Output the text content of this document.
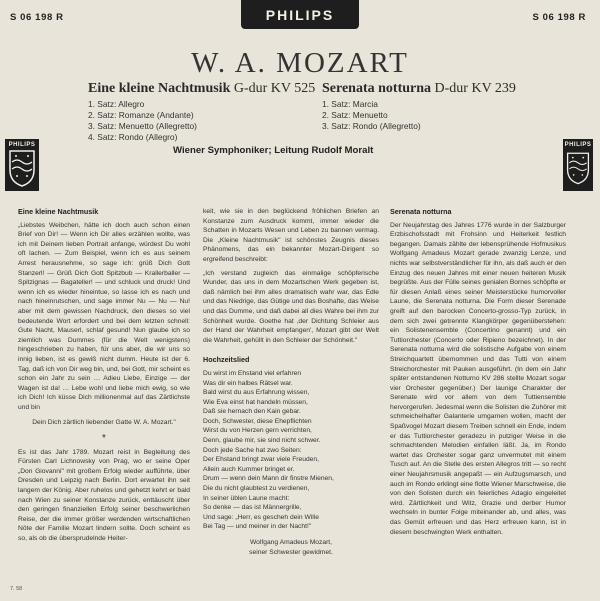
S 06 198 R	PHILIPS	S 06 198 R
W. A. MOZART
Eine kleine Nachtmusik G-dur KV 525
1. Satz: Allegro
2. Satz: Romanze (Andante)
3. Satz: Menuetto (Allegretto)
4. Satz: Rondo (Allegro)
Serenata notturna D-dur KV 239
1. Satz: Marcia
2. Satz: Menuetto
3. Satz: Rondo (Allegretto)
Wiener Symphoniker; Leitung Rudolf Moralt
PHILIPS	PHILIPS
Eine kleine Nachtmusik

„Liebstes Weibchen, hätte ich doch auch schon einen Brief von Dir! — Wenn ich Dir alles erzählen wollte, was ich mit Deinem lieben Portrait anfange, würdest Du wohl oft lachen. — Zum Beispiel, wenn ich es aus seinem Arrest herausnehme, so sage ich: grüß Dich Gott Stanzerl! — Grüß Dich Gott Spitzbub — Krallerballer — Spitzignas — Bagateller! — und schluck und druck! Und wenn ich es wieder hineintue, so lasse ich es nach und nach hineinrutschen, und sage immer Nu — Nu — Nu! aber mit dem gewissen Nachdruck, den dieses so viel bedeutende Wort erfordert und bei dem letzten schnell: Gute Nacht, Mauserl, schlaf gesund! Nun glaube ich so ziemlich was Dummes (für die Welt wenigstens) hingeschrieben zu haben, für uns aber, die wir uns so innig lieben, ist es gewiß nicht dumm. Heute ist der 6. Tag, daß ich von Dir weg bin, und, bei Gott, mir scheint es schon ein Jahr zu sein … Adieu Liebe, Einzige — der Wagen ist da! … Lebe wohl und liebe mich ewig, so wie ich Dich! Ich küsse Dich millionenmal auf das Zärtlichste und bin

Dein Dich zärtlich liebender Gatte W. A. Mozart."

*

Es ist das Jahr 1789. Mozart reist in Begleitung des Fürsten Carl Lichnowsky von Prag, wo er seine Oper „Don Giovanni" mit großem Erfolg wieder aufführte, über Dresden und Leipzig nach Berlin. Dort erwartet ihn seit langem der König. Aber ruhelos und gehetzt kehrt er bald nach Wien zu seiner Konstanze zurück, enttäuscht über den geringen finanziellen Erfolg seiner beschwerlichen Reise, der die immer größer werdenden wirtschaftlichen Nöte der Familie Mozart lindern sollte. Doch scheint es so, als ob die übersprudelnde Heiter-

keit, wie sie in den beglückend fröhlichen Briefen an Konstanze zum Ausdruck kommt, immer wieder die Schatten in Mozarts Wesen und Leben zu bannen vermag. Die „Kleine Nachtmusik" ist schönstes Zeugnis dieses Phänomens, das ein bekannter Mozart-Dirigent so ergreifend beschreibt:

„Ich verstand zugleich das einmalige schöpferische Wunder, das uns in dem Mozartschen Werk gegeben ist, daß nämlich bei ihm alles dramatisch wahr war, das Edle und das Niedrige, das Gütige und das Boshafte, das Weise und das Dumme, und daß dabei all dies Wahre bei ihm zur Schönheit wurde. Goethe hat ‚der Dichtung Schleier aus der Hand der Wahrheit empfangen', Mozart gibt der Welt die Wahrheit, gehüllt in den Schleier der Schönheit."

Hochzeitslied
Du wirst im Ehstand viel erfahren
Was dir ein halbes Rätsel war.
Bald wirst du aus Erfahrung wissen,
Wie Eva einst hat handeln müssen,
Daß sie hernach den Kain gebar.
Doch, Schwester, diese Ehepflichten
Wirst du von Herzen gern verrichten,
Denn, glaube mir, sie sind nicht schwer.
Doch jede Sache hat zwo Seiten:
Der Ehstand bringt zwar viele Freuden,
Allein auch Kummer bringet er.
Drum — wenn dein Mann dir finstre Mienen,
Die du nicht glaubtest zu verdienen,
In seiner üblen Laune macht:
So denke — das ist Männergrille,
Und sage: „Herr, es gescheh dein Wille
Bei Tag — und meiner in der Nacht!"
Wolfgang Amadeus Mozart,
seiner Schwester gewidmet.
Serenata notturna

Der Neujahrstag des Jahres 1776 wurde in der Salzburger Erzbischofsstadt mit Frohsinn und Heiterkeit festlich begangen. Damals zählte der lebensprühende Hofmusikus Wolfgang Amadeus Mozart gerade zwanzig Lenze, und nichts war selbstverständlicher für ihn, als daß auch er den Einzug des neuen Jahres mit einer neuen heiteren Musik begrüßte. Aus der Fülle seines genialen Bornes schöpfte er für diesen Anlaß eines seiner Meisterstücke humorvoller Laune, die Serenata notturna. Die Form dieser Serenade greift auf den barocken Concerto-grosso-Typ zurück, in dem sich zwei getrennte Klangkörper gegenüberstehen: ein Solistenensemble (Concertino genannt) und ein Tuttiorchester (Concerto oder Ripieno bezeichnet). In der Serenata notturna wird die solistische Aufgabe von einem Streichquartett übernommen und das Tutti von einem Streichorchester mit Pauken ausgeführt. (In dem ein Jahr später entstandenen Notturno KV 286 stellte Mozart sogar vier Orchester gegenüber.) Der launige Charakter der Serenate wird vor allem von dem Tuttiensemble hervorgerufen. Jedesmal wenn die Solisten die Zuhörer mit schmeichelhafter Galanterie umgarnen wollen, macht der Spaßvogel Mozart diesem Treiben schnell ein Ende, indem er das Tuttiorchester geradezu in putziger Weise in die schmachtenden Melodien einfallen läßt. Ja, im Rondo wartet das Orchester sogar ganz unvermutet mit einem Tusch auf. An die Stelle des ersten Allegros tritt — so recht einer Neujahrsmusik angepaßt — ein Aufzugsmarsch, und auch im Rondo erklingt eine flotte Wiener Marschweise, die von den Solisten durch ein feierliches Adagio eingeleitet wird. Zärtlichkeit und Witz, Grazie und derber Humor wechseln in bunter Folge miteinander ab, und alles, was das Gemüt erfreuen und das Herz erfreuen kann, ist in diesem beschwingten Werk enthalten.

7. 58
